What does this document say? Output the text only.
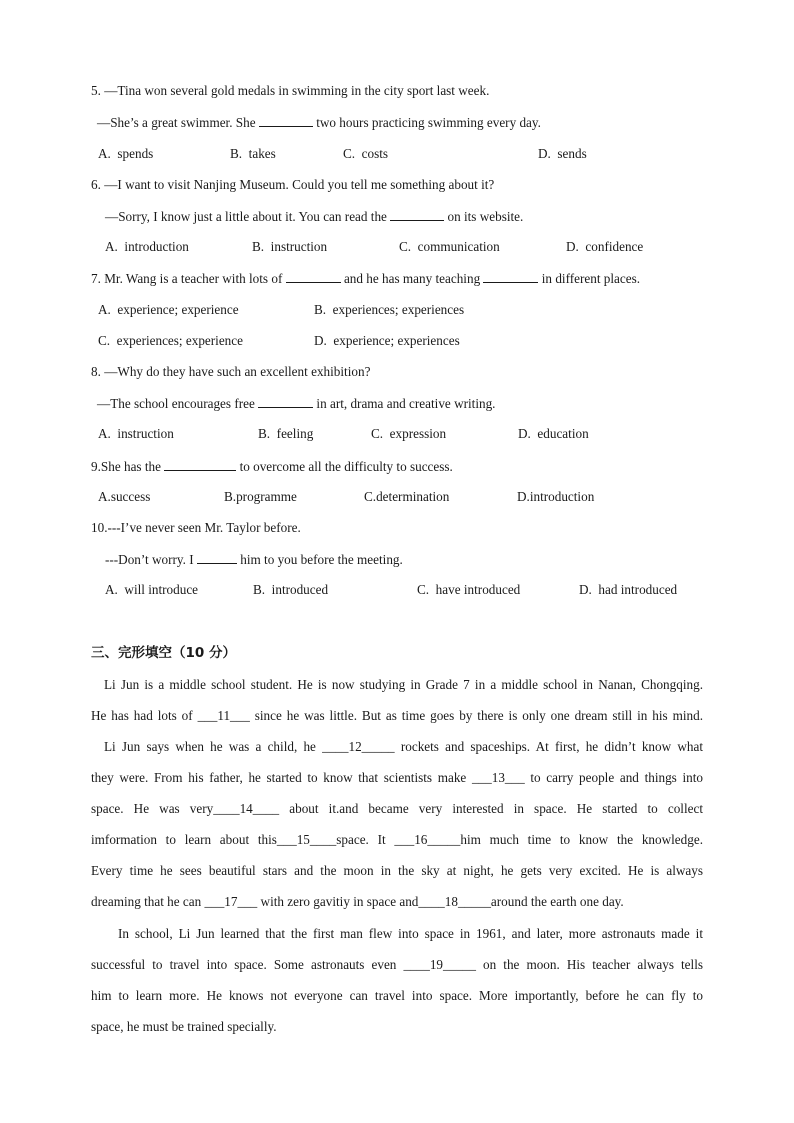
5. —Tina won several gold medals in swimming in the city sport last week.
—She’s a great swimmer. She	two hours practicing swimming every day.
A.  spends	B.  takes	C.  costs	D.  sends
6. —I want to visit Nanjing Museum. Could you tell me something about it?
—Sorry, I know just a little about it. You can read the	on its website.
A.  introduction	B.  instruction	C.  communication	D.  confidence
7. Mr. Wang is a teacher with lots of	and he has many teaching	in different places.
A.  experience; experience	B.  experiences; experiences
C.  experiences; experience	D.  experience; experiences
8. —Why do they have such an excellent exhibition?
—The school encourages free	in art, drama and creative writing.
A.  instruction	B.  feeling	C.  expression	D.  education
9.She has the	to overcome all the difficulty to success.
A.success	B.programme	C.determination	D.introduction
10.---I’ve never seen Mr. Taylor before.
---Don’t worry. I	him to you before the meeting.
A.  will introduce	B.  introduced	C.  have introduced	D.  had introduced
三、完形填空（10 分）
Li Jun is a middle school student. He is now studying in Grade 7 in a middle school in Nanan, Chongqing.
He has had lots of ___11___ since he was little. But as time goes by there is only one dream still in his mind.
Li Jun says when he was a child, he ____12_____ rockets and spaceships. At first, he didn’t know what
they were. From his father, he started to know that scientists make ___13___ to carry people and things into
space. He was very____14____ about it.and became very interested in space. He started to collect
imformation to learn about this___15____space. It ___16_____him much time to know the knowledge.
Every time he sees beautiful stars and the moon in the sky at night, he gets very excited. He is always
dreaming that he can ___17___ with zero gavitiy in space and____18_____around the earth one day.
In school, Li Jun learned that the first man flew into space in 1961, and later, more astronauts made it
successful to travel into space. Some astronauts even ____19_____ on the moon. His teacher always tells
him to learn more. He knows not everyone can travel into space. More importantly, before he can fly to
space, he must be trained specially.
